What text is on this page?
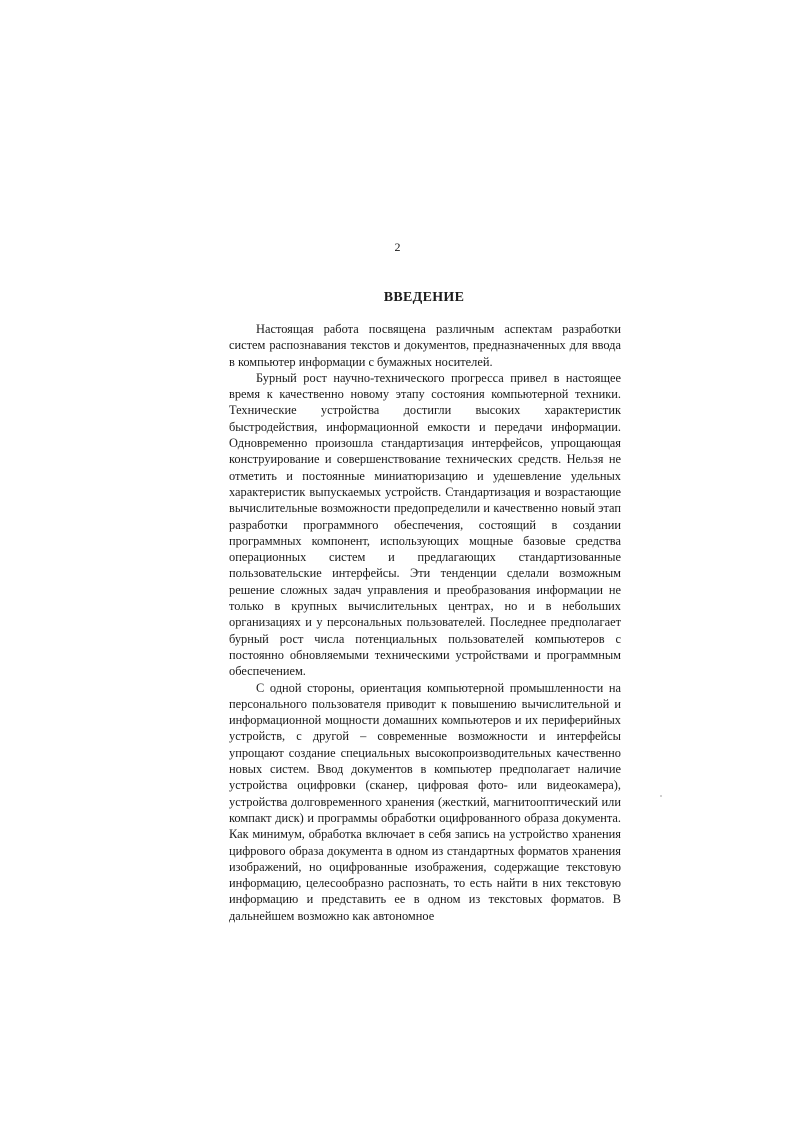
2
ВВЕДЕНИЕ

Настоящая работа посвящена различным аспектам разработки систем распознавания текстов и документов, предназначенных для ввода в компьютер информации с бумажных носителей.

Бурный рост научно-технического прогресса привел в настоящее время к качественно новому этапу состояния компьютерной техники. Технические устройства достигли высоких характеристик быстродействия, информационной емкости и передачи информации. Одновременно произошла стандартизация интерфейсов, упрощающая конструирование и совершенствование технических средств. Нельзя не отметить и постоянные миниатюризацию и удешевление удельных характеристик выпускаемых устройств. Стандартизация и возрастающие вычислительные возможности предопределили и качественно новый этап разработки программного обеспечения, состоящий в создании программных компонент, использующих мощные базовые средства операционных систем и предлагающих стандартизованные пользовательские интерфейсы. Эти тенденции сделали возможным решение сложных задач управления и преобразования информации не только в крупных вычислительных центрах, но и в небольших организациях и у персональных пользователей. Последнее предполагает бурный рост числа потенциальных пользователей компьютеров с постоянно обновляемыми техническими устройствами и программным обеспечением.

С одной стороны, ориентация компьютерной промышленности на персонального пользователя приводит к повышению вычислительной и информационной мощности домашних компьютеров и их периферийных устройств, с другой – современные возможности и интерфейсы упрощают создание специальных высокопроизводительных качественно новых систем. Ввод документов в компьютер предполагает наличие устройства оцифровки (сканер, цифровая фото- или видеокамера), устройства долговременного хранения (жесткий, магнитооптический или компакт диск) и программы обработки оцифрованного образа документа. Как минимум, обработка включает в себя запись на устройство хранения цифрового образа документа в одном из стандартных форматов хранения изображений, но оцифрованные изображения, содержащие текстовую информацию, целесообразно распознать, то есть найти в них текстовую информацию и представить ее в одном из текстовых форматов. В дальнейшем возможно как автономное
